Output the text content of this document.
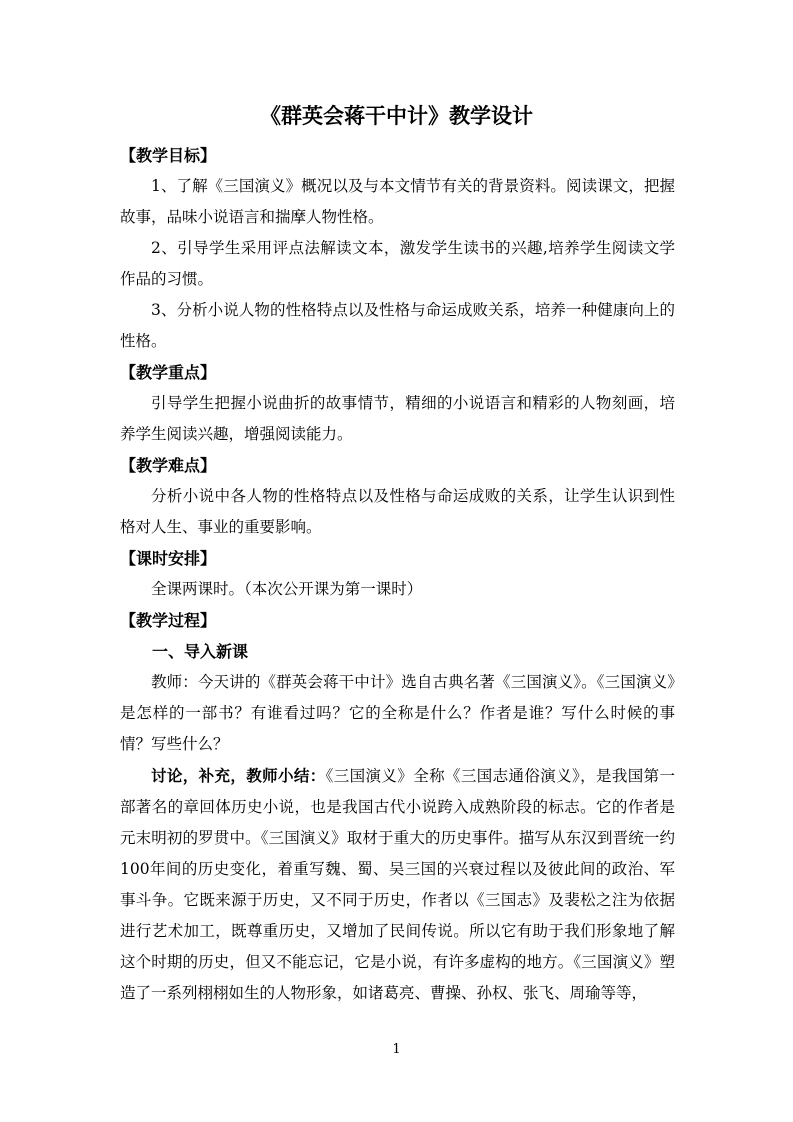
《群英会蒋干中计》教学设计
【教学目标】

1、了解《三国演义》概况以及与本文情节有关的背景资料。阅读课文，把握故事，品味小说语言和揣摩人物性格。

2、引导学生采用评点法解读文本，激发学生读书的兴趣,培养学生阅读文学作品的习惯。

3、分析小说人物的性格特点以及性格与命运成败关系，培养一种健康向上的性格。

【教学重点】

引导学生把握小说曲折的故事情节，精细的小说语言和精彩的人物刻画，培养学生阅读兴趣，增强阅读能力。

【教学难点】

分析小说中各人物的性格特点以及性格与命运成败的关系，让学生认识到性格对人生、事业的重要影响。

【课时安排】

全课两课时。（本次公开课为第一课时）

【教学过程】
一、导入新课

教师：今天讲的《群英会蒋干中计》选自古典名著《三国演义》。《三国演义》是怎样的一部书？有谁看过吗？它的全称是什么？作者是谁？写什么时候的事情？写些什么？

讨论，补充，教师小结：《三国演义》全称《三国志通俗演义》，是我国第一部著名的章回体历史小说，也是我国古代小说跨入成熟阶段的标志。它的作者是元末明初的罗贯中。《三国演义》取材于重大的历史事件。描写从东汉到晋统一约100年间的历史变化，着重写魏、蜀、吴三国的兴衰过程以及彼此间的政治、军事斗争。它既来源于历史，又不同于历史，作者以《三国志》及裴松之注为依据进行艺术加工，既尊重历史，又增加了民间传说。所以它有助于我们形象地了解这个时期的历史，但又不能忘记，它是小说，有许多虚构的地方。《三国演义》塑造了一系列栩栩如生的人物形象，如诸葛亮、曹操、孙权、张飞、周瑜等等，

1
